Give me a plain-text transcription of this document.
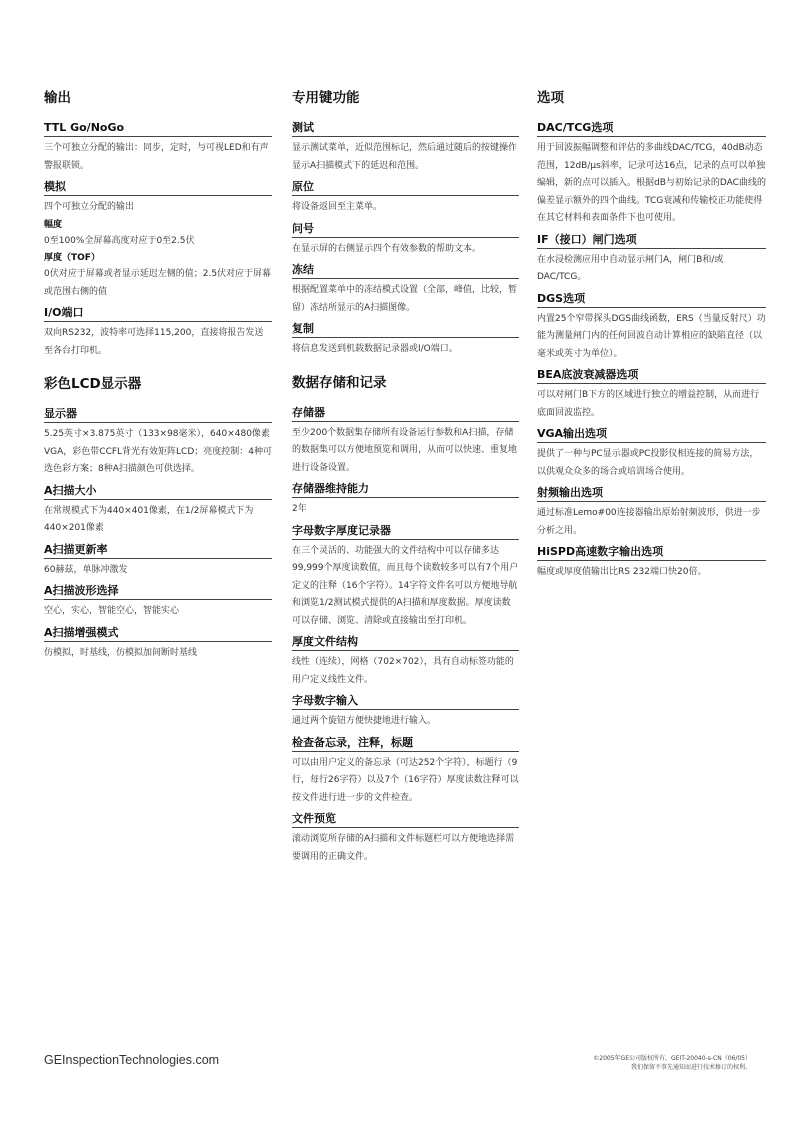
输出
TTL Go/NoGo

三个可独立分配的输出：同步，定时，与可视LED和有声警报联锁。

模拟

四个可独立分配的输出

幅度

0至100%全屏幕高度对应于0至2.5伏

厚度（TOF）

0伏对应于屏幕或者显示延迟左侧的值；2.5伏对应于屏幕或范围右侧的值

I/O端口

双向RS232，波特率可选择115,200，直接将报告发送至各台打印机。

彩色LCD显示器
显示器

5.25英寸×3.875英寸（133×98毫米），640×480像素VGA，彩色带CCFL背光有效矩阵LCD；亮度控制：4种可选色彩方案；8种A扫描颜色可供选择。

A扫描大小

在常规模式下为440×401像素，在1/2屏幕模式下为440×201像素

A扫描更新率

60赫兹，单脉冲激发

A扫描波形选择

空心，实心，智能空心，智能实心

A扫描增强模式

仿模拟，时基线，仿模拟加间断时基线

专用键功能
测试

显示测试菜单，近似范围标记，然后通过随后的按键操作显示A扫描模式下的延迟和范围。

原位

将设备返回至主菜单。

问号

在显示屏的右侧显示四个有效参数的帮助文本。

冻结

根据配置菜单中的冻结模式设置（全部，峰值，比较，暂留）冻结所显示的A扫描图像。

复制

将信息发送到机载数据记录器或I/O端口。

数据存储和记录
存储器

至少200个数据集存储所有设备运行参数和A扫描，存储的数据集可以方便地预览和调用，从而可以快速、重复地进行设备设置。

存储器维持能力

2年

字母数字厚度记录器

在三个灵活的、功能强大的文件结构中可以存储多达99,999个厚度读数值，而且每个读数较多可以有7个用户定义的注释（16个字符）。14字符文件名可以方便地导航和浏览1/2测试模式提供的A扫描和厚度数据。厚度读数可以存储、浏览、清除或直接输出至打印机。

厚度文件结构

线性（连续），网格（702×702），具有自动标签功能的用户定义线性文件。

字母数字输入

通过两个旋钮方便快捷地进行输入。

检查备忘录，注释，标题

可以由用户定义的备忘录（可达252个字符），标题行（9行，每行26字符）以及7个（16字符）厚度读数注释可以按文件进行进一步的文件检查。

文件预览

滚动浏览所存储的A扫描和文件标题栏可以方便地选择需要调用的正确文件。

选项
DAC/TCG选项

用于回波振幅调整和评估的多曲线DAC/TCG，40dB动态范围，12dB/μs斜率，记录可达16点，记录的点可以单独编辑，新的点可以插入。根据dB与初始记录的DAC曲线的偏差显示额外的四个曲线。TCG衰减和传输校正功能使得在其它材料和表面条件下也可使用。

IF（接口）闸门选项

在水浸检测应用中自动显示闸门A，闸门B和/或DAC/TCG。

DGS选项

内置25个窄带探头DGS曲线函数，ERS（当量反射尺）功能为测量闸门内的任何回波自动计算相应的缺陷直径（以毫米或英寸为单位）。

BEA底波衰减器选项

可以对闸门B下方的区域进行独立的增益控制，从而进行底面回波监控。

VGA输出选项

提供了一种与PC显示器或PC投影仪相连接的简易方法，以供观众众多的场合或培训场合使用。

射频输出选项

通过标准Lemo#00连接器输出原始射频波形，供进一步分析之用。

HiSPD高速数字输出选项

幅度或厚度值输出比RS 232端口快20倍。

GEInspectionTechnologies.com	©2005年GE公司版权所有。GEIT-20040-s-CN（06/05）
我们保留不事先通知而进行技术修订的权利。
